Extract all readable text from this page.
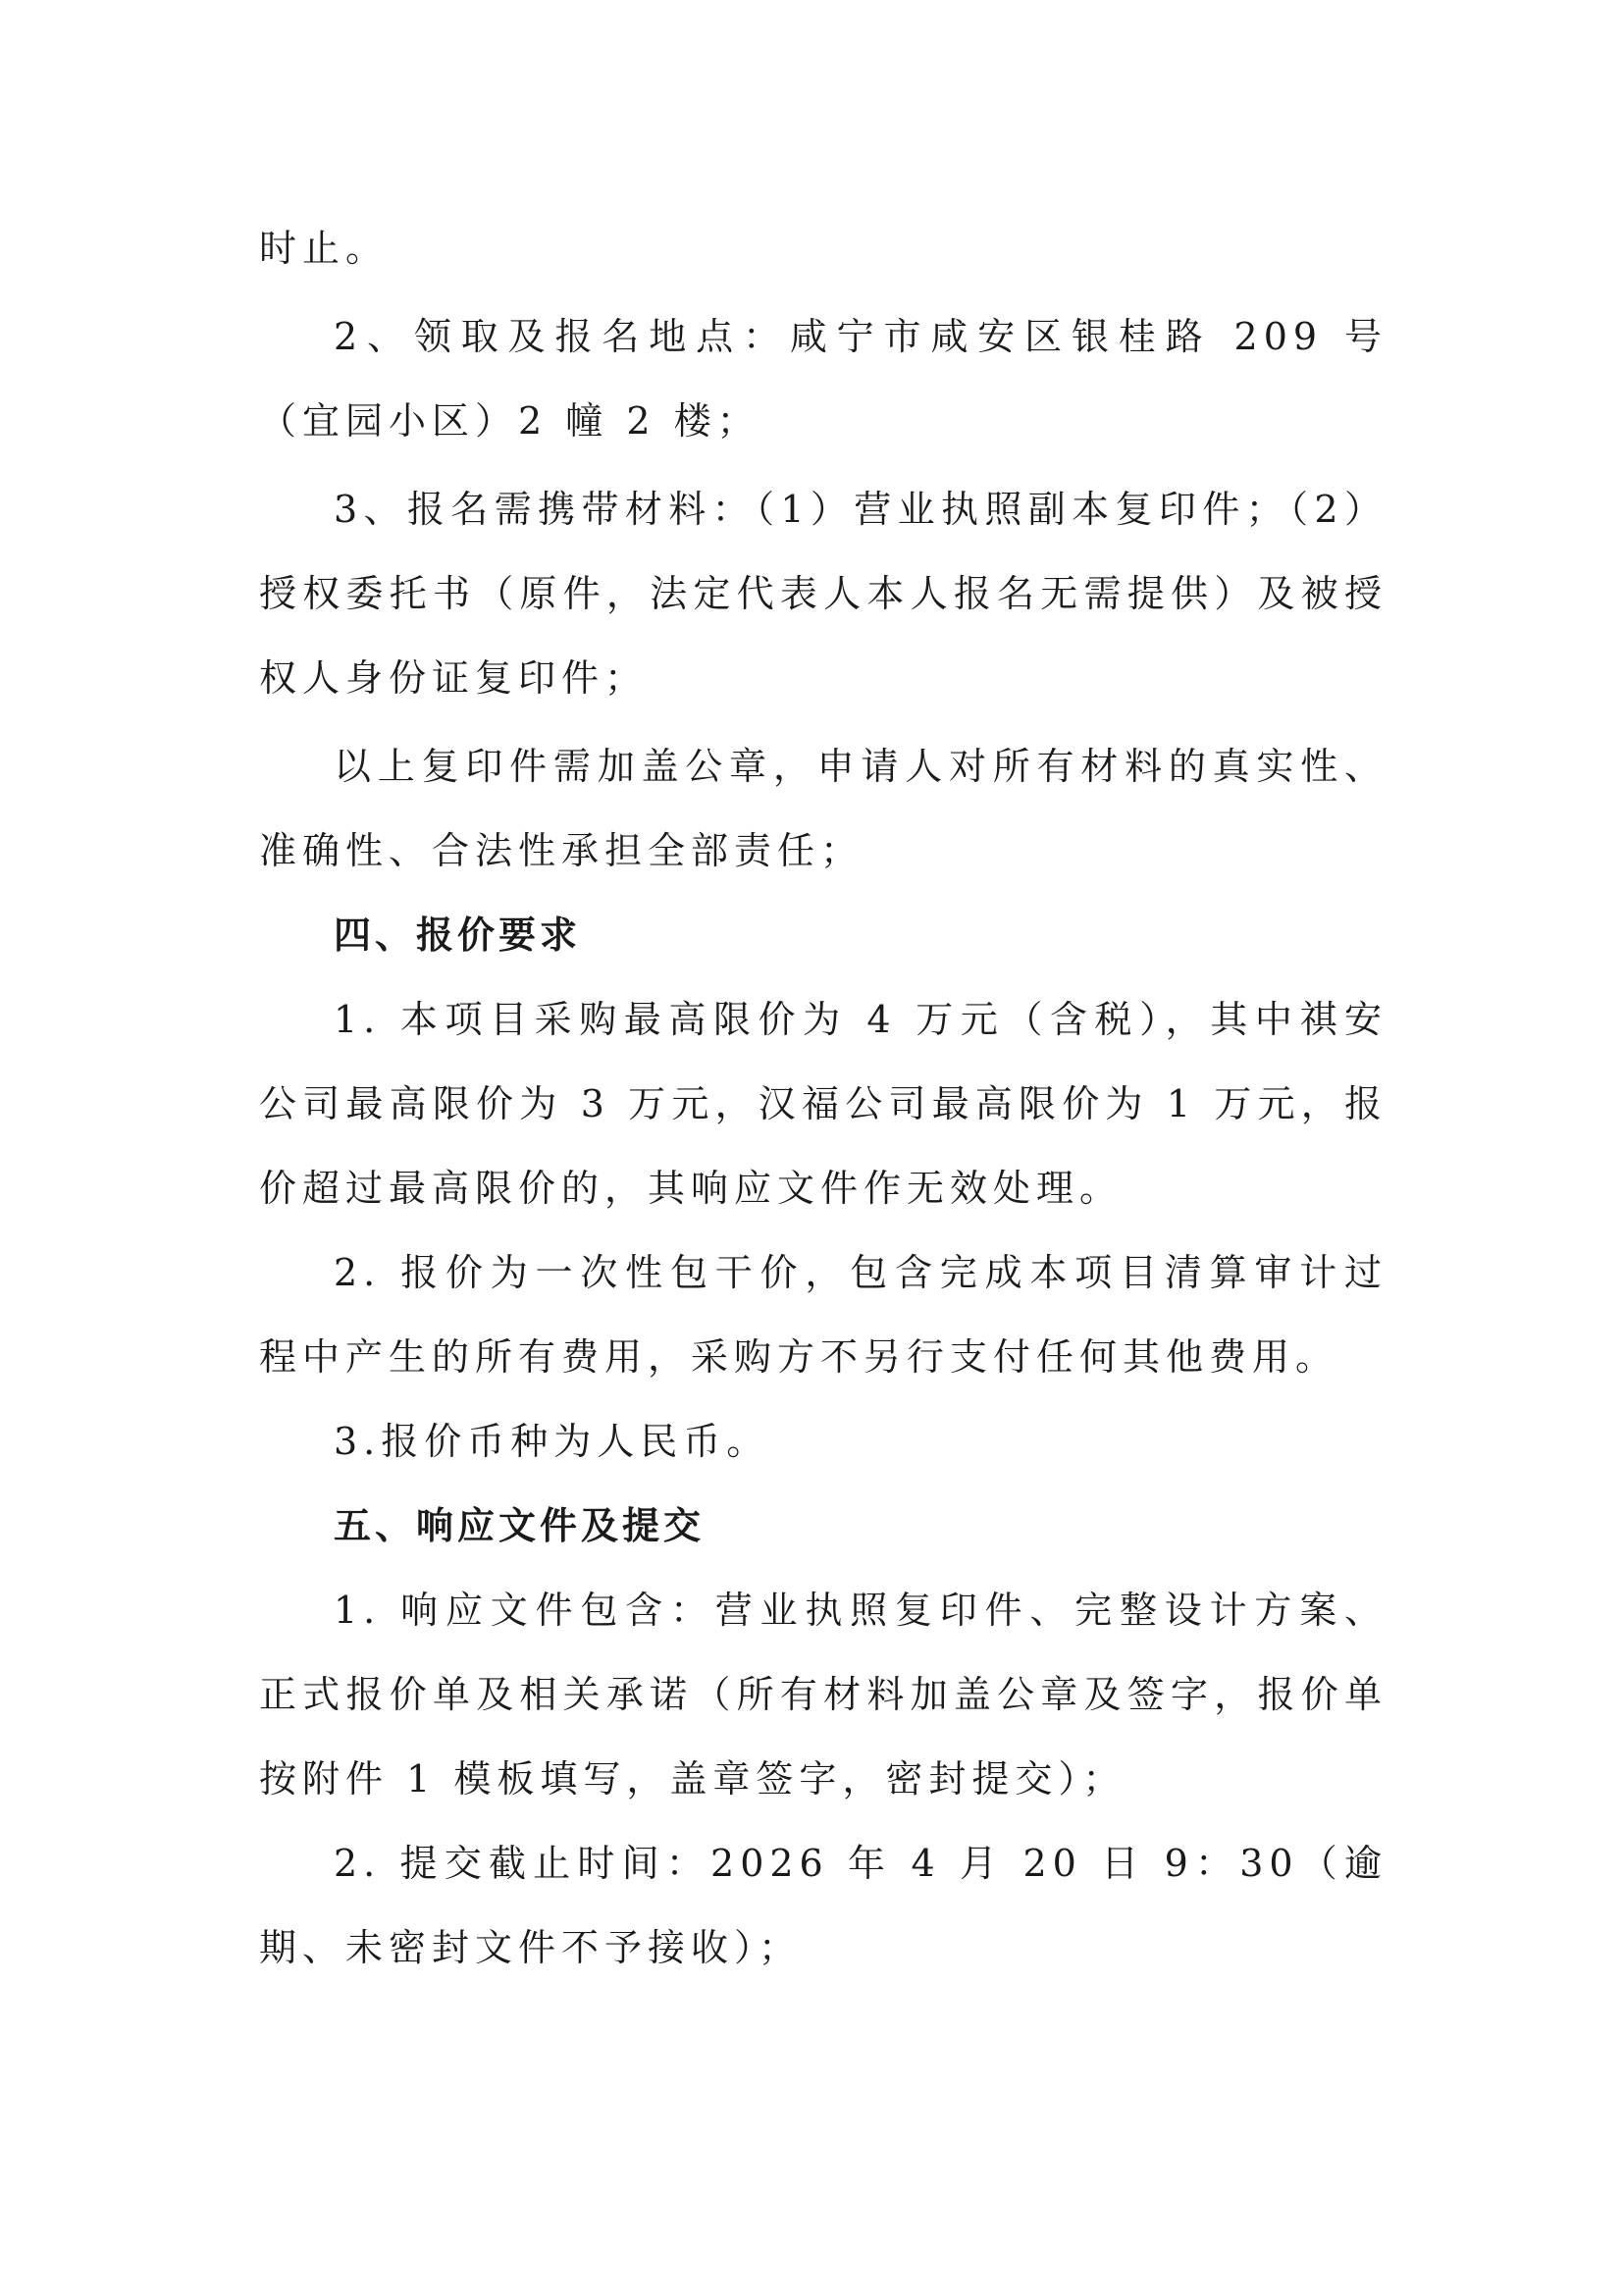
时止。

2、领取及报名地点：咸宁市咸安区银桂路 209 号（宜园小区）2 幢 2 楼；

3、报名需携带材料：（1）营业执照副本复印件；（2）授权委托书（原件，法定代表人本人报名无需提供）及被授权人身份证复印件；

以上复印件需加盖公章，申请人对所有材料的真实性、准确性、合法性承担全部责任；

四、报价要求

1. 本项目采购最高限价为 4 万元（含税），其中祺安公司最高限价为 3 万元，汉福公司最高限价为 1 万元，报价超过最高限价的，其响应文件作无效处理。

2. 报价为一次性包干价，包含完成本项目清算审计过程中产生的所有费用，采购方不另行支付任何其他费用。

3.报价币种为人民币。

五、响应文件及提交

1. 响应文件包含：营业执照复印件、完整设计方案、正式报价单及相关承诺（所有材料加盖公章及签字，报价单按附件 1 模板填写，盖章签字，密封提交）；

2. 提交截止时间：2026 年 4 月 20 日 9：30（逾期、未密封文件不予接收）；
